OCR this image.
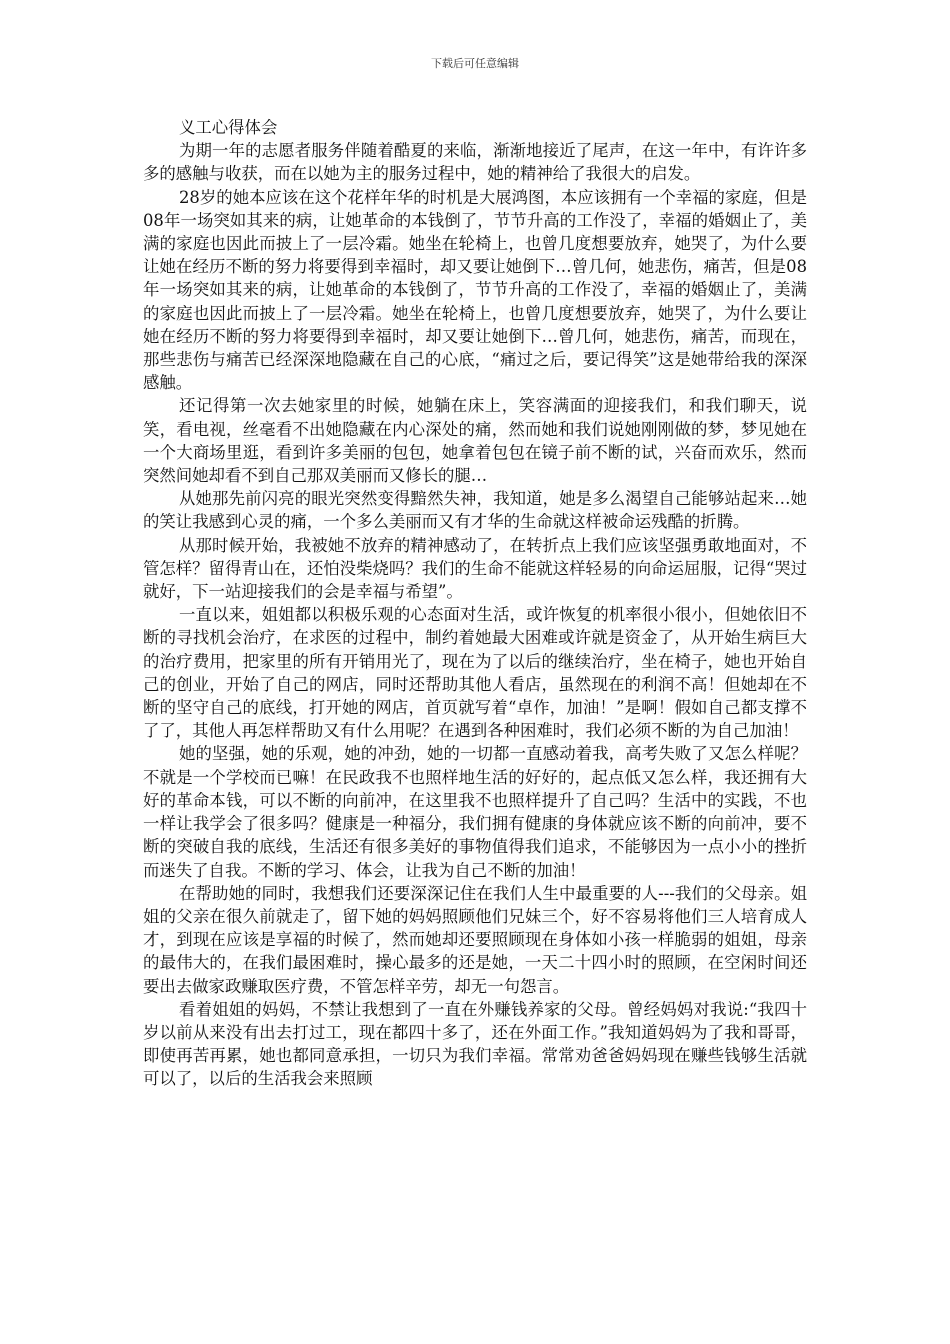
下载后可任意编辑
义工心得体会

为期一年的志愿者服务伴随着酷夏的来临，渐渐地接近了尾声，在这一年中，有许许多多的感触与收获，而在以她为主的服务过程中，她的精神给了我很大的启发。

28岁的她本应该在这个花样年华的时机是大展鸿图，本应该拥有一个幸福的家庭，但是08年一场突如其来的病，让她革命的本钱倒了，节节升高的工作没了，幸福的婚姻止了，美满的家庭也因此而披上了一层冷霜。她坐在轮椅上，也曾几度想要放弃，她哭了，为什么要让她在经历不断的努力将要得到幸福时，却又要让她倒下…曾几何，她悲伤，痛苦，但是08年一场突如其来的病，让她革命的本钱倒了，节节升高的工作没了，幸福的婚姻止了，美满的家庭也因此而披上了一层冷霜。她坐在轮椅上，也曾几度想要放弃，她哭了，为什么要让她在经历不断的努力将要得到幸福时，却又要让她倒下…曾几何，她悲伤，痛苦，而现在，那些悲伤与痛苦已经深深地隐藏在自己的心底，“痛过之后，要记得笑”这是她带给我的深深感触。

还记得第一次去她家里的时候，她躺在床上，笑容满面的迎接我们，和我们聊天，说笑，看电视，丝毫看不出她隐藏在内心深处的痛，然而她和我们说她刚刚做的梦，梦见她在一个大商场里逛，看到许多美丽的包包，她拿着包包在镜子前不断的试，兴奋而欢乐，然而突然间她却看不到自己那双美丽而又修长的腿…

从她那先前闪亮的眼光突然变得黯然失神，我知道，她是多么渴望自己能够站起来…她的笑让我感到心灵的痛，一个多么美丽而又有才华的生命就这样被命运残酷的折腾。

从那时候开始，我被她不放弃的精神感动了，在转折点上我们应该坚强勇敢地面对，不管怎样？留得青山在，还怕没柴烧吗？我们的生命不能就这样轻易的向命运屈服，记得“哭过就好，下一站迎接我们的会是幸福与希望”。

一直以来，姐姐都以积极乐观的心态面对生活，或许恢复的机率很小很小，但她依旧不断的寻找机会治疗，在求医的过程中，制约着她最大困难或许就是资金了，从开始生病巨大的治疗费用，把家里的所有开销用光了，现在为了以后的继续治疗，坐在椅子，她也开始自己的创业，开始了自己的网店，同时还帮助其他人看店，虽然现在的利润不高！但她却在不断的坚守自己的底线，打开她的网店，首页就写着“卓作，加油！”是啊！假如自己都支撑不了了，其他人再怎样帮助又有什么用呢？在遇到各种困难时，我们必须不断的为自己加油！

她的坚强，她的乐观，她的冲劲，她的一切都一直感动着我，高考失败了又怎么样呢？不就是一个学校而已嘛！在民政我不也照样地生活的好好的，起点低又怎么样，我还拥有大好的革命本钱，可以不断的向前冲，在这里我不也照样提升了自己吗？生活中的实践，不也一样让我学会了很多吗？健康是一种福分，我们拥有健康的身体就应该不断的向前冲，要不断的突破自我的底线，生活还有很多美好的事物值得我们追求，不能够因为一点小小的挫折而迷失了自我。不断的学习、体会，让我为自己不断的加油！

在帮助她的同时，我想我们还要深深记住在我们人生中最重要的人---我们的父母亲。姐姐的父亲在很久前就走了，留下她的妈妈照顾他们兄妹三个，好不容易将他们三人培育成人才，到现在应该是享福的时候了，然而她却还要照顾现在身体如小孩一样脆弱的姐姐，母亲的最伟大的，在我们最困难时，操心最多的还是她，一天二十四小时的照顾，在空闲时间还要出去做家政赚取医疗费，不管怎样辛劳，却无一句怨言。

看着姐姐的妈妈，不禁让我想到了一直在外赚钱养家的父母。曾经妈妈对我说:“我四十岁以前从来没有出去打过工，现在都四十多了，还在外面工作。”我知道妈妈为了我和哥哥，即使再苦再累，她也都同意承担，一切只为我们幸福。常常劝爸爸妈妈现在赚些钱够生活就可以了，以后的生活我会来照顾
